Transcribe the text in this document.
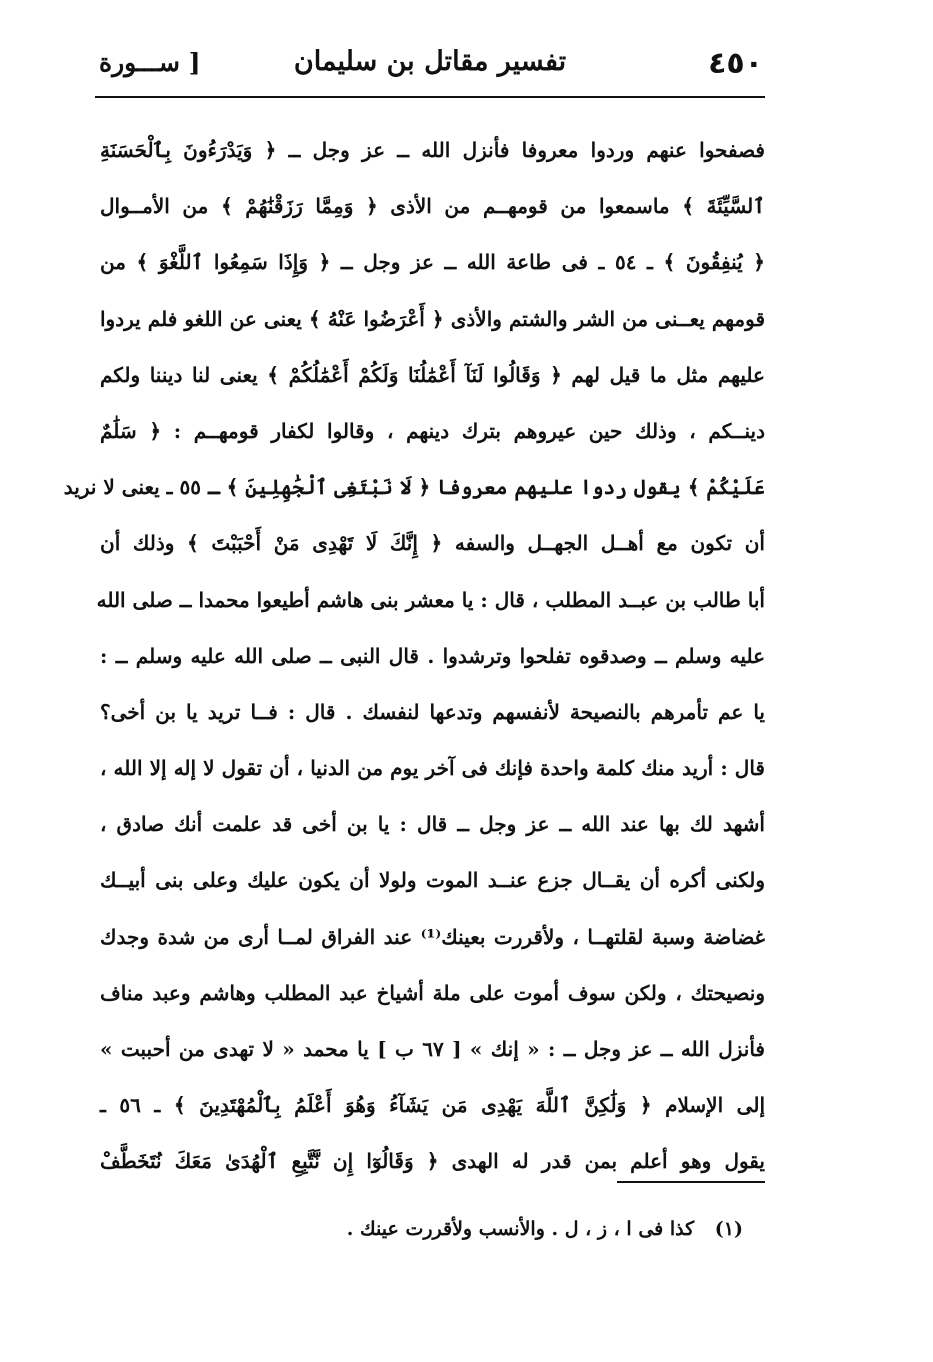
٤٥٠
تفسير مقاتل بن سليمان
[ ســـورة
فصفحوا عنهم وردوا معروفا فأنزل الله ــ عز وجل ــ ﴿ وَيَدْرَءُونَ بِٱلْحَسَنَةِ
ٱلسَّيِّئَةَ ﴾ ماسمعوا من قومهــم من الأذى ﴿ وَمِمَّا رَزَقْنَٰهُمْ ﴾ من الأمــوال
﴿ يُنفِقُونَ ﴾ ـ ٥٤ ـ فى طاعة الله ــ عز وجل ــ ﴿ وَإِذَا سَمِعُوا ٱللَّغْوَ ﴾ من
قومهم يعــنى من الشر والشتم والأذى ﴿ أَعْرَضُوا عَنْهُ ﴾ يعنى عن اللغو فلم يردوا
عليهم مثل ما قيل لهم ﴿ وَقَالُوا لَنَآ أَعْمَٰلُنَا وَلَكُمْ أَعْمَٰلُكُمْ ﴾ يعنى لنا ديننا ولكم
دينــكم ، وذلك حين عيروهم بترك دينهم ، وقالوا لكفار قومهــم : ﴿ سَلَٰمٌ
عَلَيْكُمْ ﴾ يقول ردوا عليهم معروفا ﴿ لَا نَبْتَغِى ٱلْجَٰهِلِينَ ﴾ ـ ٥٥ ـ يعنى لا نريد
أن تكون مع أهــل الجهــل والسفه ﴿ إِنَّكَ لَا تَهْدِى مَنْ أَحْبَبْتَ ﴾ وذلك أن
أبا طالب بن عبــد المطلب ، قال : يا معشر بنى هاشم أطيعوا محمدا ــ صلى الله
عليه وسلم ــ وصدقوه تفلحوا وترشدوا . قال النبى ــ صلى الله عليه وسلم ــ :
يا عم تأمرهم بالنصيحة لأنفسهم وتدعها لنفسك . قال : فــا تريد يا بن أخى؟
قال : أريد منك كلمة واحدة فإنك فى آخر يوم من الدنيا ، أن تقول لا إله إلا الله ،
أشهد لك بها عند الله ــ عز وجل ــ قال : يا بن أخى قد علمت أنك صادق ،
ولكنى أكره أن يقــال جزع عنــد الموت ولولا أن يكون عليك وعلى بنى أبيــك
غضاضة وسبة لقلتهــا ، ولأقررت بعينك⁽¹⁾ عند الفراق لمــا أرى من شدة وجدك
ونصيحتك ، ولكن سوف أموت على ملة أشياخ عبد المطلب وهاشم وعبد مناف
فأنزل الله ــ عز وجل ــ : « إنك » [ ٦٧ ب ] يا محمد « لا تهدى من أحببت »
إلى الإسلام ﴿ وَلَٰكِنَّ ٱللَّهَ يَهْدِى مَن يَشَآءُ وَهُوَ أَعْلَمُ بِٱلْمُهْتَدِينَ ﴾ ـ ٥٦ ـ
يقول وهو أعلم بمن قدر له الهدى ﴿ وَقَالُوٓا إِن نَّتَّبِعِ ٱلْهُدَىٰ مَعَكَ نُتَخَطَّفْ
(١) كذا فى ا ، ز ، ل . والأنسب ولأقررت عينك .
